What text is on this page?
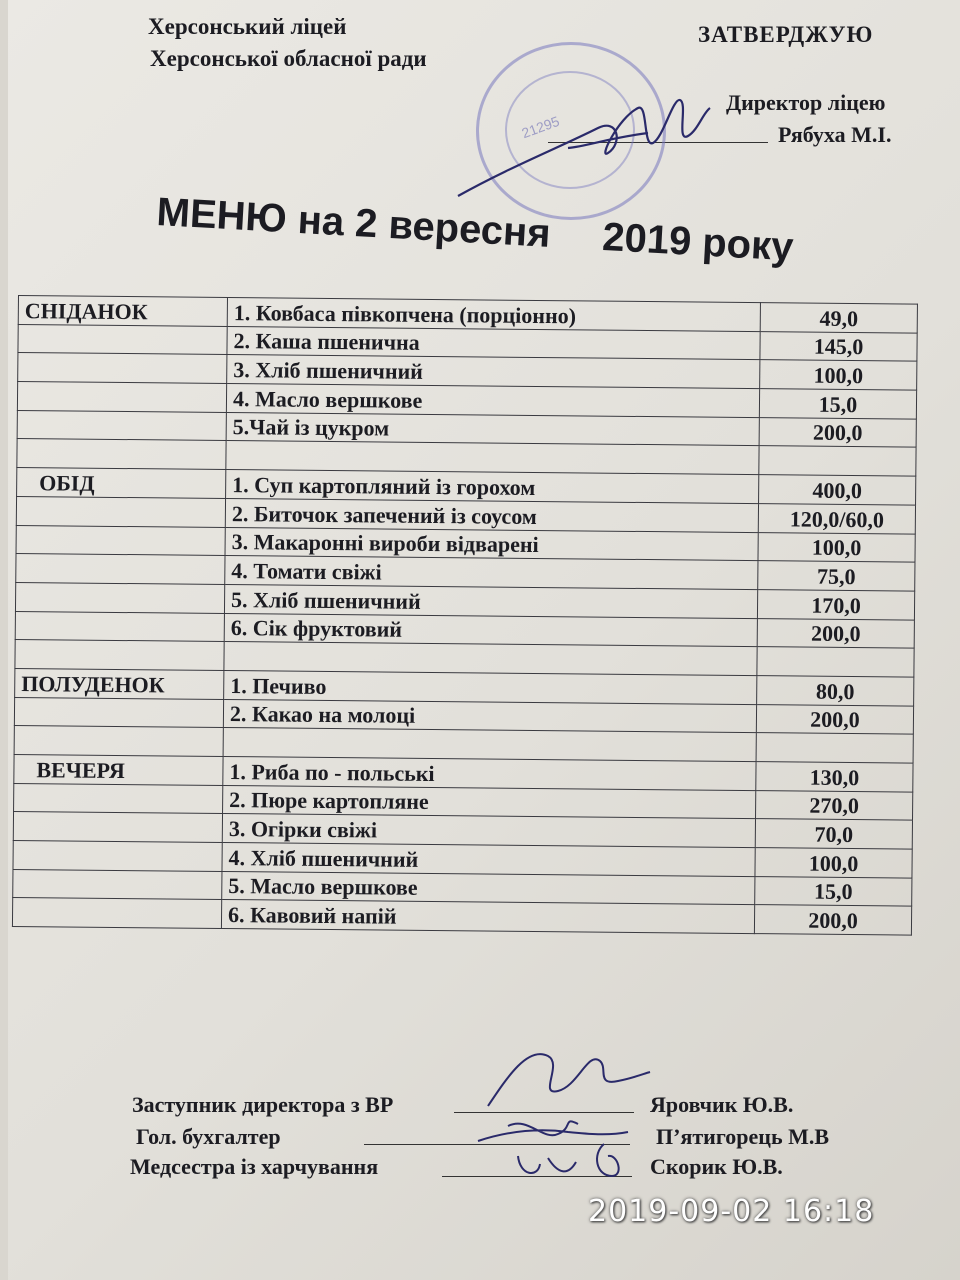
Херсонський ліцей
Херсонської обласної ради
ЗАТВЕРДЖУЮ
Директор ліцею
Рябуха М.І.
21295
МЕНЮ на 2 вересня 2019 року
СНІДАНОК	1. Ковбаса півкопчена (порціонно)	49,0
	2. Каша пшенична	145,0
	3. Хліб пшеничний	100,0
	4. Масло вершкове	15,0
	5.Чай із цукром	200,0

ОБІД	1. Суп картопляний із горохом	400,0
	2. Биточок запечений із соусом	120,0/60,0
	3. Макаронні вироби відварені	100,0
	4. Томати свіжі	75,0
	5. Хліб пшеничний	170,0
	6. Сік фруктовий	200,0

ПОЛУДЕНОК	1. Печиво	80,0
	2. Какао на молоці	200,0

ВЕЧЕРЯ	1. Риба по - польські	130,0
	2. Пюре картопляне	270,0
	3. Огірки свіжі	70,0
	4. Хліб пшеничний	100,0
	5. Масло вершкове	15,0
	6. Кавовий напій	200,0
Заступник директора з ВР	Яровчик Ю.В.
Гол. бухгалтер	П’ятигорець М.В
Медсестра із харчування	Скорик Ю.В.
2019-09-02 16:18
